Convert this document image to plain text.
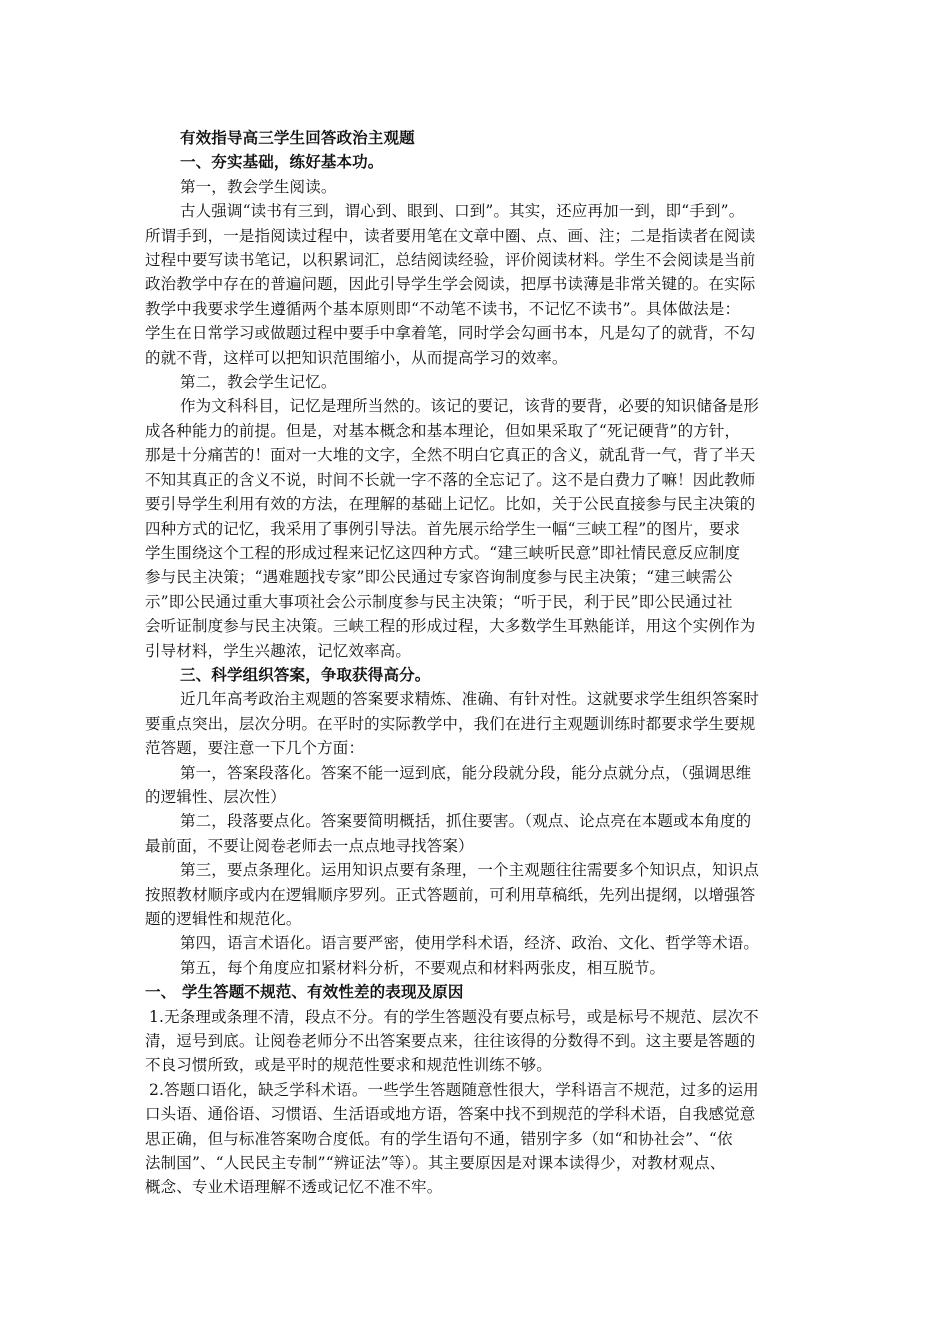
有效指导高三学生回答政治主观题
一、夯实基础，练好基本功。
第一，教会学生阅读。
古人强调“读书有三到，谓心到、眼到、口到”。其实，还应再加一到，即“手到”。
所谓手到，一是指阅读过程中，读者要用笔在文章中圈、点、画、注；二是指读者在阅读
过程中要写读书笔记，以积累词汇，总结阅读经验，评价阅读材料。学生不会阅读是当前
政治教学中存在的普遍问题，因此引导学生学会阅读，把厚书读薄是非常关键的。在实际
教学中我要求学生遵循两个基本原则即“不动笔不读书，不记忆不读书”。具体做法是：
学生在日常学习或做题过程中要手中拿着笔，同时学会勾画书本，凡是勾了的就背，不勾
的就不背，这样可以把知识范围缩小，从而提高学习的效率。
第二，教会学生记忆。
作为文科科目，记忆是理所当然的。该记的要记，该背的要背，必要的知识储备是形
成各种能力的前提。但是，对基本概念和基本理论，但如果采取了“死记硬背”的方针，
那是十分痛苦的！面对一大堆的文字，全然不明白它真正的含义，就乱背一气，背了半天
不知其真正的含义不说，时间不长就一字不落的全忘记了。这不是白费力了嘛！因此教师
要引导学生利用有效的方法，在理解的基础上记忆。比如，关于公民直接参与民主决策的
四种方式的记忆，我采用了事例引导法。首先展示给学生一幅“三峡工程”的图片，要求
学生围绕这个工程的形成过程来记忆这四种方式。“建三峡听民意”即社情民意反应制度
参与民主决策；“遇难题找专家”即公民通过专家咨询制度参与民主决策；“建三峡需公
示”即公民通过重大事项社会公示制度参与民主决策；“听于民，利于民”即公民通过社
会听证制度参与民主决策。三峡工程的形成过程，大多数学生耳熟能详，用这个实例作为
引导材料，学生兴趣浓，记忆效率高。
三、科学组织答案，争取获得高分。
近几年高考政治主观题的答案要求精炼、准确、有针对性。这就要求学生组织答案时
要重点突出，层次分明。在平时的实际教学中，我们在进行主观题训练时都要求学生要规
范答题，要注意一下几个方面：
第一，答案段落化。答案不能一逗到底，能分段就分段，能分点就分点，（强调思维
的逻辑性、层次性）
第二，段落要点化。答案要简明概括，抓住要害。（观点、论点亮在本题或本角度的
最前面，不要让阅卷老师去一点点地寻找答案）
第三，要点条理化。运用知识点要有条理，一个主观题往往需要多个知识点，知识点
按照教材顺序或内在逻辑顺序罗列。正式答题前，可利用草稿纸，先列出提纲，以增强答
题的逻辑性和规范化。
第四，语言术语化。语言要严密，使用学科术语，经济、政治、文化、哲学等术语。
第五，每个角度应扣紧材料分析，不要观点和材料两张皮，相互脱节。
一、 学生答题不规范、有效性差的表现及原因
1.无条理或条理不清，段点不分。有的学生答题没有要点标号，或是标号不规范、层次不
清，逗号到底。让阅卷老师分不出答案要点来，往往该得的分数得不到。这主要是答题的
不良习惯所致，或是平时的规范性要求和规范性训练不够。
2.答题口语化，缺乏学科术语。一些学生答题随意性很大，学科语言不规范，过多的运用
口头语、通俗语、习惯语、生活语或地方语，答案中找不到规范的学科术语，自我感觉意
思正确，但与标准答案吻合度低。有的学生语句不通，错别字多（如“和协社会”、“依
法制国”、“人民民主专制”“辨证法”等）。其主要原因是对课本读得少，对教材观点、
概念、专业术语理解不透或记忆不准不牢。
